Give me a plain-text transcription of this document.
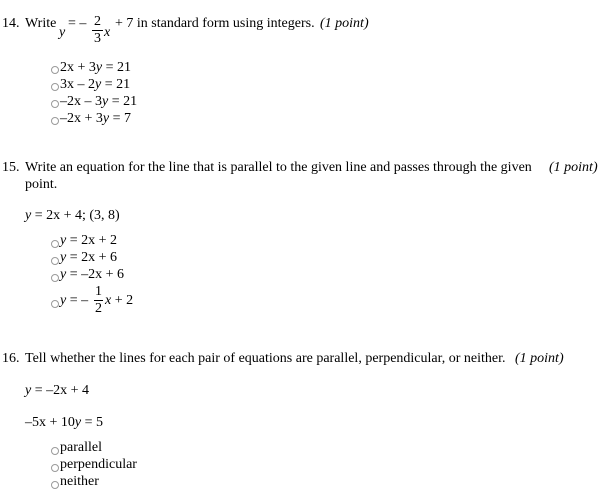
14. Write
y
= – 2
3 x
+ 7 in standard form using integers. (1 point)
2x + 3y = 21
3x – 2y = 21
–2x – 3y = 21
–2x + 3y = 7
15. Write an equation for the line that is parallel to the given line and passes through the given (1 point)
point.
y = 2x + 4; (3, 8)
y = 2x + 2
y = 2x + 6
y = –2x + 6
y = –
1
2
x + 2
16. Tell whether the lines for each pair of equations are parallel, perpendicular, or neither. (1 point)
y = –2x + 4
–5x + 10y = 5
parallel
perpendicular
neither
